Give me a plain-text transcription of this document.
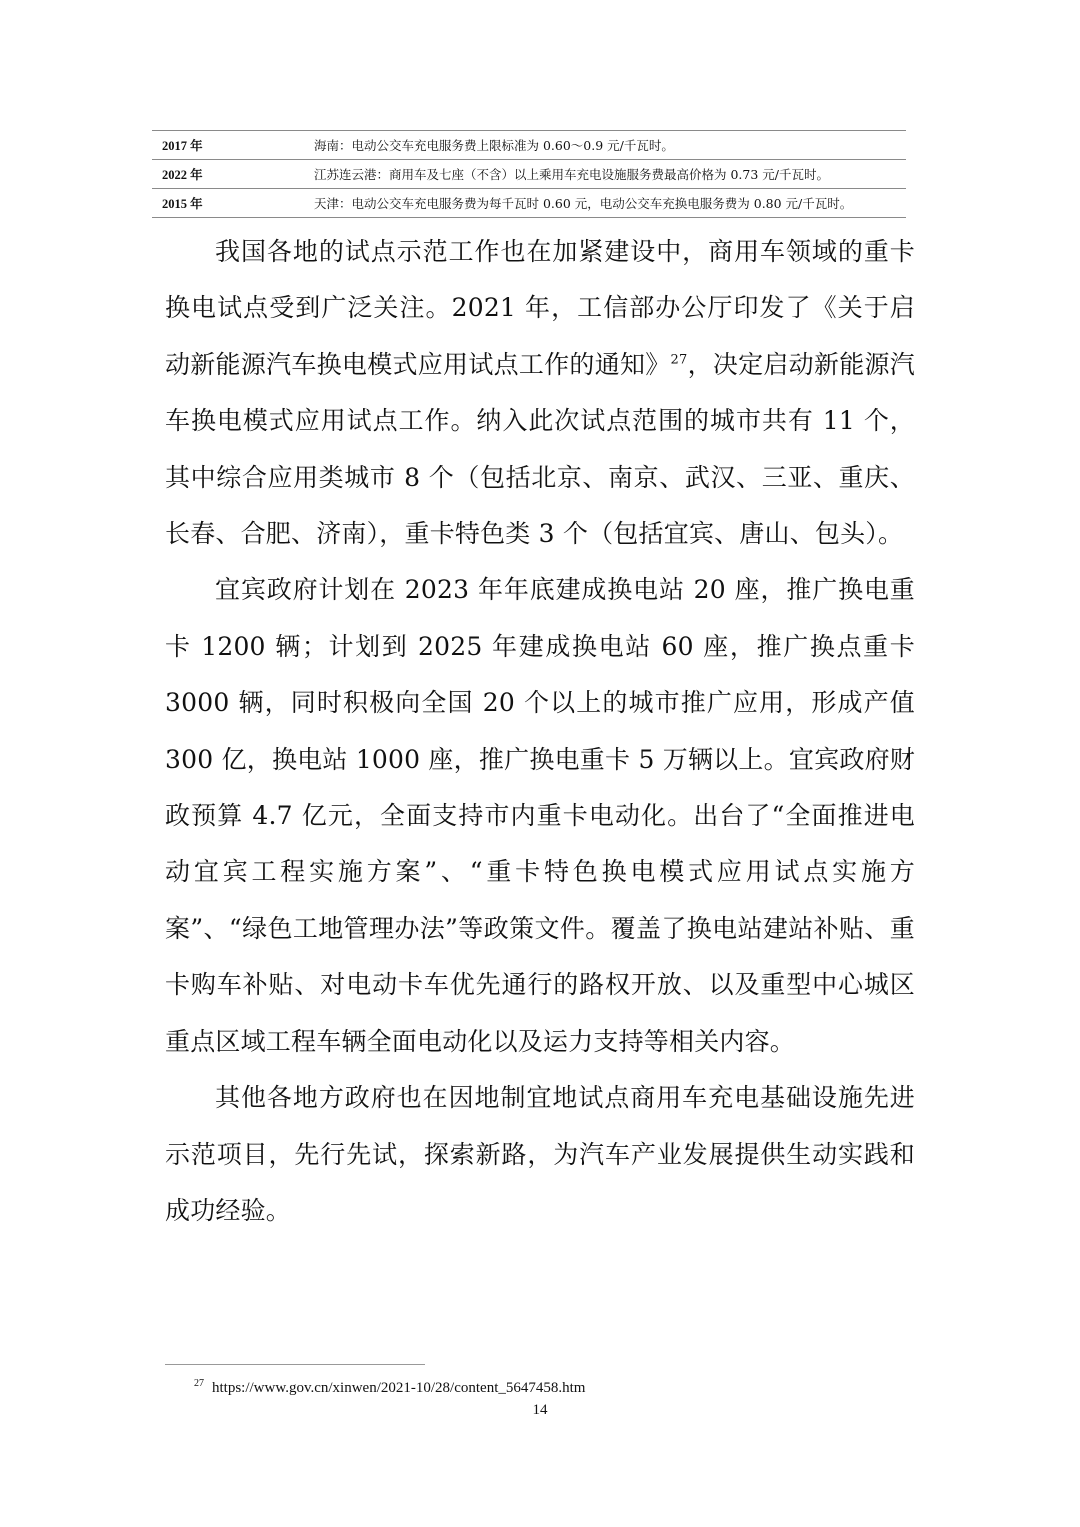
2017 年	海南：电动公交车充电服务费上限标准为 0.60～0.9 元/千瓦时。
2022 年	江苏连云港：商用车及七座（不含）以上乘用车充电设施服务费最高价格为 0.73 元/千瓦时。
2015 年	天津：电动公交车充电服务费为每千瓦时 0.60 元，电动公交车充换电服务费为 0.80 元/千瓦时。

我国各地的试点示范工作也在加紧建设中，商用车领域的重卡换电试点受到广泛关注。2021 年，工信部办公厅印发了《关于启动新能源汽车换电模式应用试点工作的通知》$^{27}$，决定启动新能源汽车换电模式应用试点工作。纳入此次试点范围的城市共有 11 个，其中综合应用类城市 8 个（包括北京、南京、武汉、三亚、重庆、长春、合肥、济南），重卡特色类 3 个（包括宜宾、唐山、包头）。

宜宾政府计划在 2023 年年底建成换电站 20 座，推广换电重卡 1200 辆；计划到 2025 年建成换电站 60 座，推广换点重卡 3000 辆，同时积极向全国 20 个以上的城市推广应用，形成产值 300 亿，换电站 1000 座，推广换电重卡 5 万辆以上。宜宾政府财政预算 4.7 亿元，全面支持市内重卡电动化。出台了“全面推进电动宜宾工程实施方案”、“重卡特色换电模式应用试点实施方案”、“绿色工地管理办法”等政策文件。覆盖了换电站建站补贴、重卡购车补贴、对电动卡车优先通行的路权开放、以及重型中心城区重点区域工程车辆全面电动化以及运力支持等相关内容。

其他各地方政府也在因地制宜地试点商用车充电基础设施先进示范项目，先行先试，探索新路，为汽车产业发展提供生动实践和成功经验。

$^{27}$ https://www.gov.cn/xinwen/2021-10/28/content_5647458.htm
14
